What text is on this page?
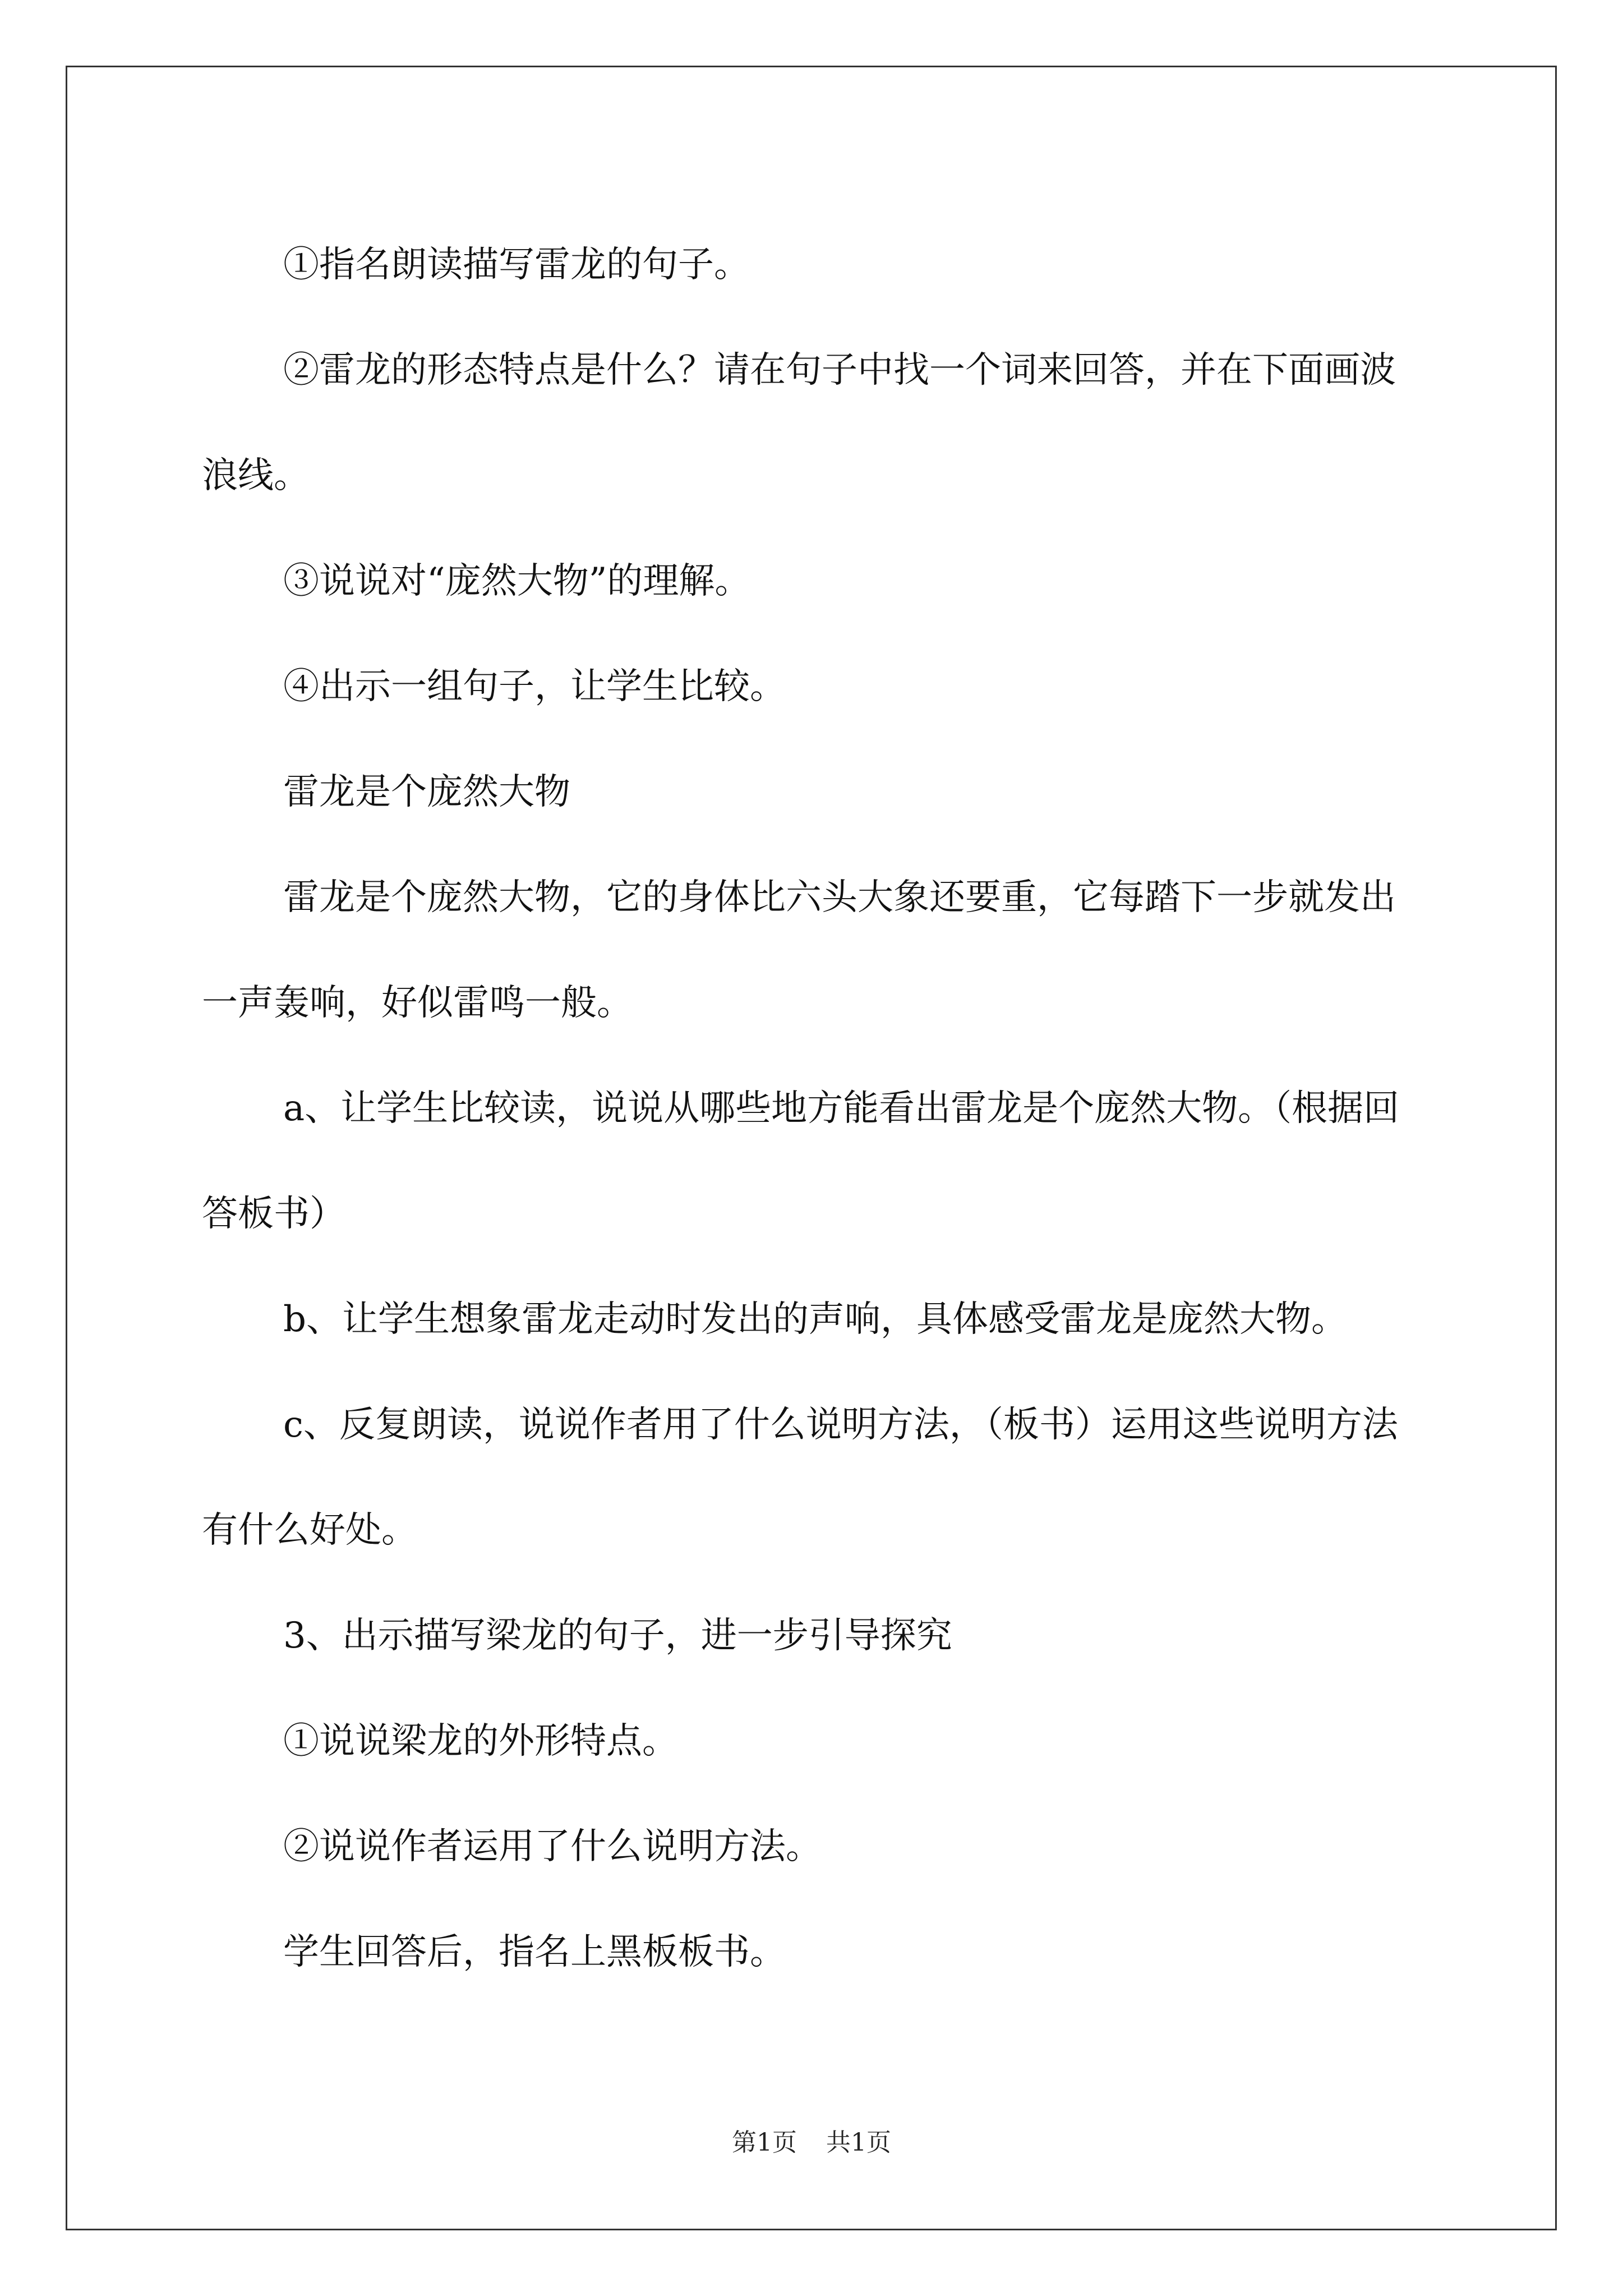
①指名朗读描写雷龙的句子。

②雷龙的形态特点是什么？请在句子中找一个词来回答，并在下面画波浪线。

③说说对“庞然大物”的理解。

④出示一组句子，让学生比较。

雷龙是个庞然大物

雷龙是个庞然大物，它的身体比六头大象还要重，它每踏下一步就发出一声轰响，好似雷鸣一般。

a、让学生比较读，说说从哪些地方能看出雷龙是个庞然大物。（根据回答板书）

b、让学生想象雷龙走动时发出的声响，具体感受雷龙是庞然大物。

c、反复朗读，说说作者用了什么说明方法，（板书）运用这些说明方法有什么好处。

3、出示描写梁龙的句子，进一步引导探究

①说说梁龙的外形特点。

②说说作者运用了什么说明方法。

学生回答后，指名上黑板板书。

第1页 共1页
